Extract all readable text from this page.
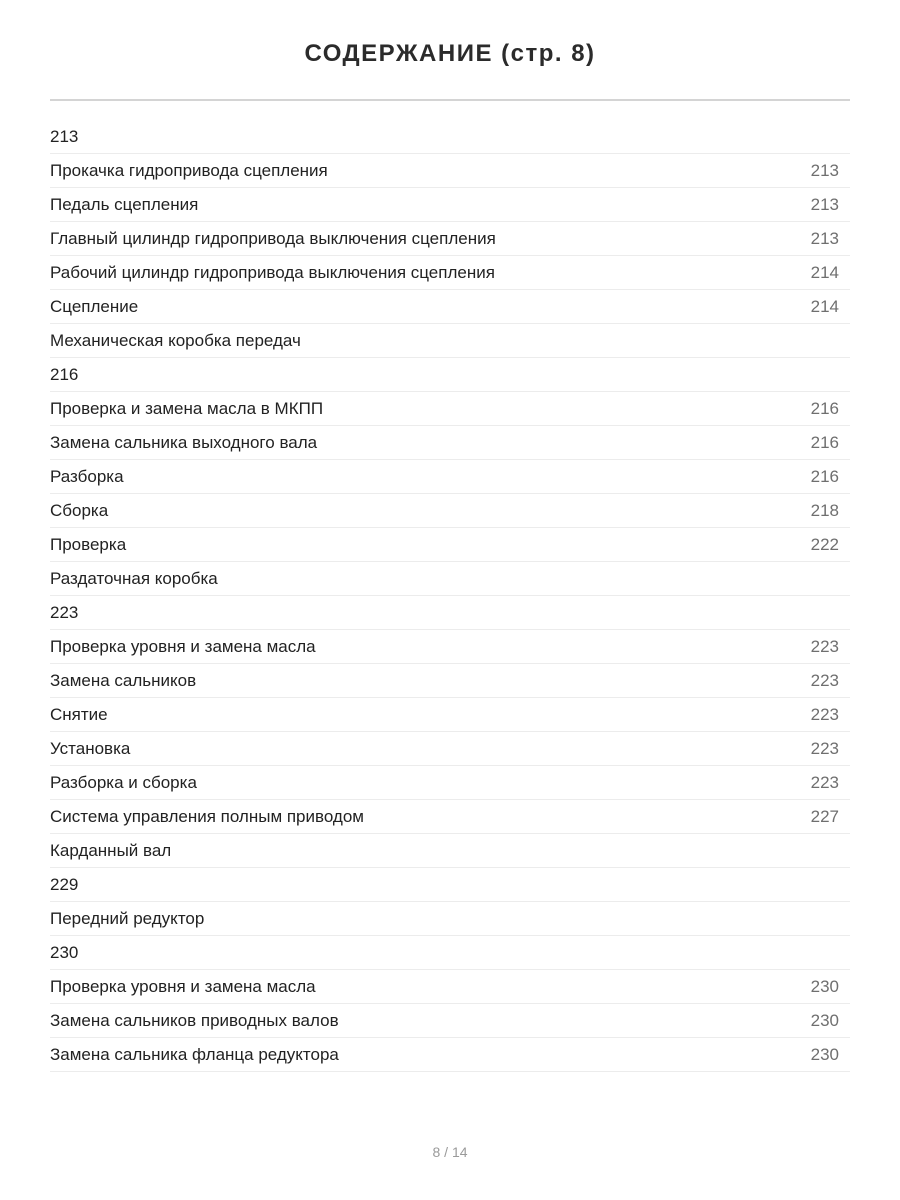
СОДЕРЖАНИЕ (стр. 8)
213
Прокачка гидропривода сцепления	213
Педаль сцепления	213
Главный цилиндр гидропривода выключения сцепления	213
Рабочий цилиндр гидропривода выключения сцепления	214
Сцепление	214
Механическая коробка передач
216
Проверка и замена масла в МКПП	216
Замена сальника выходного вала	216
Разборка	216
Сборка	218
Проверка	222
Раздаточная коробка
223
Проверка уровня и замена масла	223
Замена сальников	223
Снятие	223
Установка	223
Разборка и сборка	223
Система управления полным приводом	227
Карданный вал
229
Передний редуктор
230
Проверка уровня и замена масла	230
Замена сальников приводных валов	230
Замена сальника фланца редуктора	230
8 / 14
